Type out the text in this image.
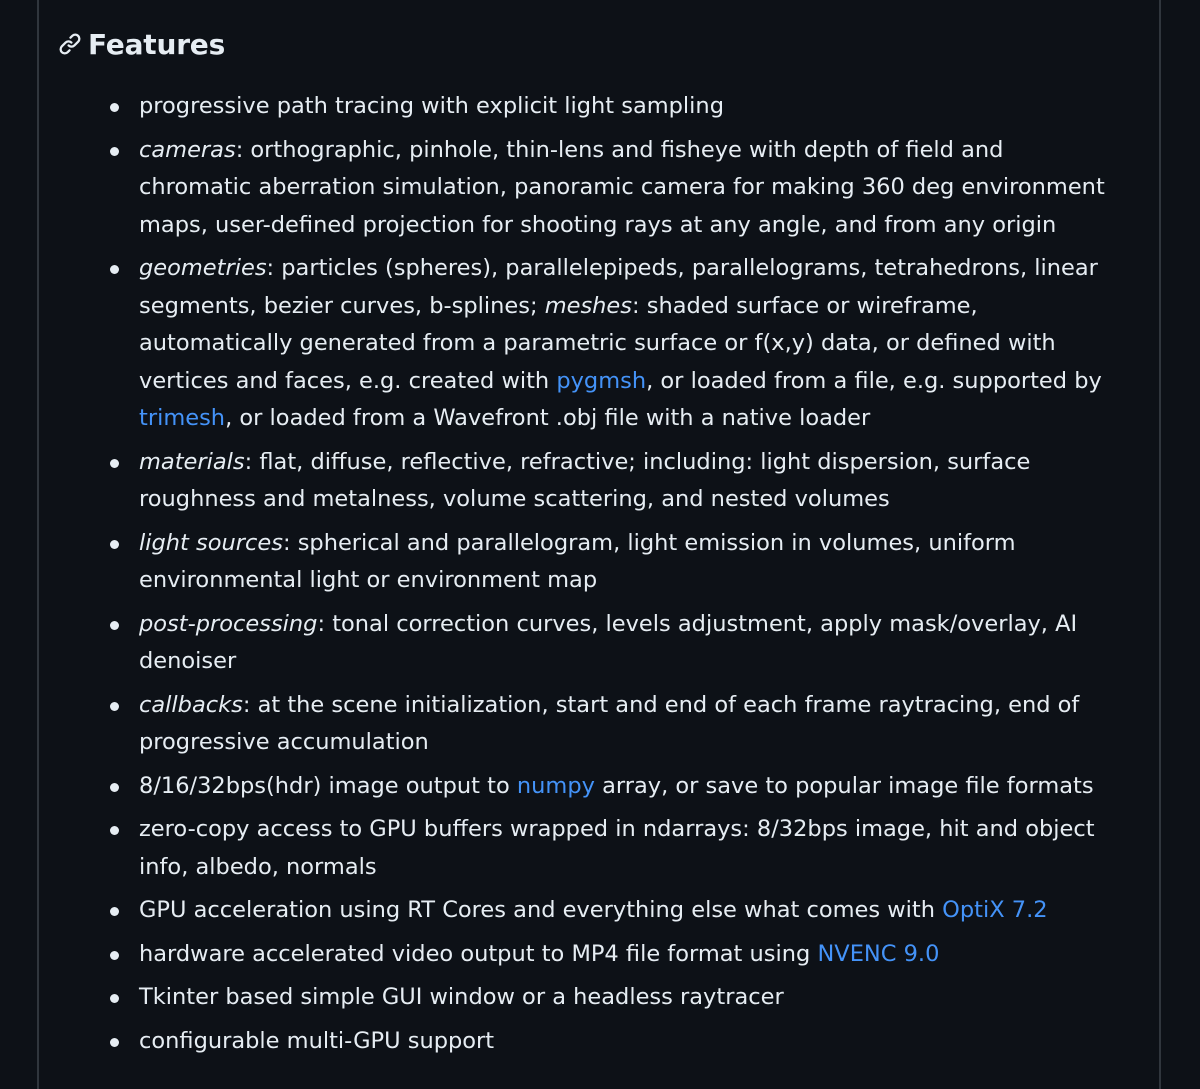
Features
progressive path tracing with explicit light sampling
cameras: orthographic, pinhole, thin-lens and fisheye with depth of field and chromatic aberration simulation, panoramic camera for making 360 deg environment maps, user-defined projection for shooting rays at any angle, and from any origin
geometries: particles (spheres), parallelepipeds, parallelograms, tetrahedrons, linear segments, bezier curves, b-splines; meshes: shaded surface or wireframe, automatically generated from a parametric surface or f(x,y) data, or defined with vertices and faces, e.g. created with pygmsh, or loaded from a file, e.g. supported by trimesh, or loaded from a Wavefront .obj file with a native loader
materials: flat, diffuse, reflective, refractive; including: light dispersion, surface roughness and metalness, volume scattering, and nested volumes
light sources: spherical and parallelogram, light emission in volumes, uniform environmental light or environment map
post-processing: tonal correction curves, levels adjustment, apply mask/overlay, AI denoiser
callbacks: at the scene initialization, start and end of each frame raytracing, end of progressive accumulation
8/16/32bps(hdr) image output to numpy array, or save to popular image file formats
zero-copy access to GPU buffers wrapped in ndarrays: 8/32bps image, hit and object info, albedo, normals
GPU acceleration using RT Cores and everything else what comes with OptiX 7.2
hardware accelerated video output to MP4 file format using NVENC 9.0
Tkinter based simple GUI window or a headless raytracer
configurable multi-GPU support
